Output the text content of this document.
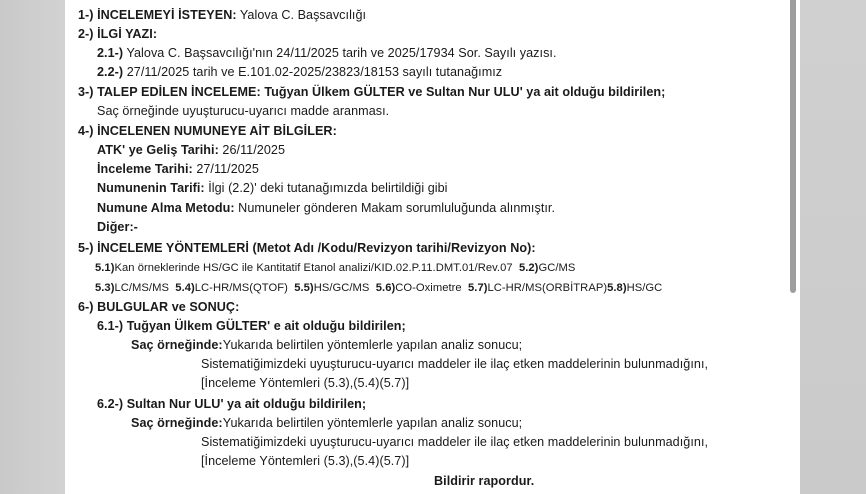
1-) İNCELEMEYİ İSTEYEN: Yalova C. Başsavcılığı
2-) İLGİ YAZI:
2.1-) Yalova C. Başsavcılığı'nın 24/11/2025 tarih ve 2025/17934 Sor. Sayılı yazısı.
2.2-) 27/11/2025 tarih ve E.101.02-2025/23823/18153 sayılı tutanağımız
3-) TALEP EDİLEN İNCELEME: Tuğyan Ülkem GÜLTER ve Sultan Nur ULU' ya ait olduğu bildirilen;
Saç örneğinde uyuşturucu-uyarıcı madde aranması.
4-) İNCELENEN NUMUNEYE AİT BİLGİLER:
ATK' ye Geliş Tarihi: 26/11/2025
İnceleme Tarihi: 27/11/2025
Numunenin Tarifi: İlgi (2.2)' deki tutanağımızda belirtildiği gibi
Numune Alma Metodu: Numuneler gönderen Makam sorumluluğunda alınmıştır.
Diğer:-
5-) İNCELEME YÖNTEMLERİ (Metot Adı /Kodu/Revizyon tarihi/Revizyon No):
5.1)Kan örneklerinde HS/GC ile Kantitatif Etanol analizi/KID.02.P.11.DMT.01/Rev.07 5.2)GC/MS
5.3)LC/MS/MS 5.4)LC-HR/MS(QTOF) 5.5)HS/GC/MS 5.6)CO-Oximetre 5.7)LC-HR/MS(ORBİTRAP)5.8)HS/GC
6-) BULGULAR ve SONUÇ:
6.1-) Tuğyan Ülkem GÜLTER' e ait olduğu bildirilen;
Saç örneğinde:Yukarıda belirtilen yöntemlerle yapılan analiz sonucu;
Sistematiğimizdeki uyuşturucu-uyarıcı maddeler ile ilaç etken maddelerinin bulunmadığını,
[İnceleme Yöntemleri (5.3),(5.4)(5.7)]
6.2-) Sultan Nur ULU' ya ait olduğu bildirilen;
Saç örneğinde:Yukarıda belirtilen yöntemlerle yapılan analiz sonucu;
Sistematiğimizdeki uyuşturucu-uyarıcı maddeler ile ilaç etken maddelerinin bulunmadığını,
[İnceleme Yöntemleri (5.3),(5.4)(5.7)]
Bildirir rapordur.
